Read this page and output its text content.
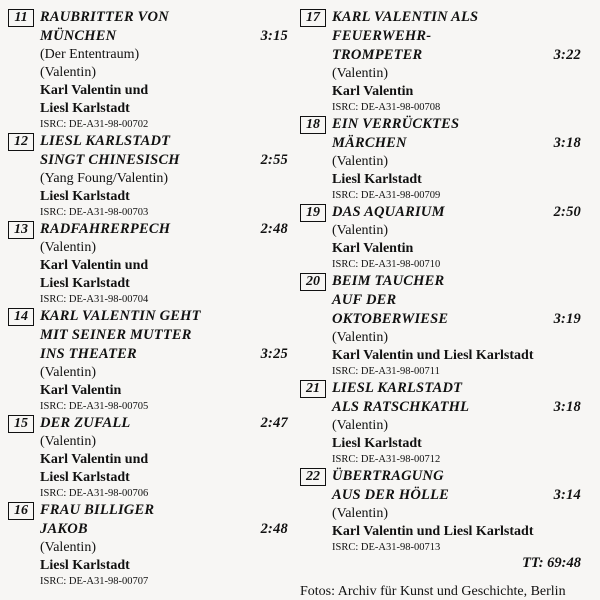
11 RAUBRITTER VON
MÜNCHEN	3:15
(Der Ententraum)
(Valentin)
Karl Valentin und
Liesl Karlstadt
ISRC: DE-A31-98-00702
12 LIESL KARLSTADT
SINGT CHINESISCH	2:55
(Yang Foung/Valentin)
Liesl Karlstadt
ISRC: DE-A31-98-00703
13 RADFAHRERPECH	2:48
(Valentin)
Karl Valentin und
Liesl Karlstadt
ISRC: DE-A31-98-00704
14 KARL VALENTIN GEHT
MIT SEINER MUTTER
INS THEATER	3:25
(Valentin)
Karl Valentin
ISRC: DE-A31-98-00705
15 DER ZUFALL	2:47
(Valentin)
Karl Valentin und
Liesl Karlstadt
ISRC: DE-A31-98-00706
16 FRAU BILLIGER
JAKOB	2:48
(Valentin)
Liesl Karlstadt
ISRC: DE-A31-98-00707
17 KARL VALENTIN ALS
FEUERWEHR-
TROMPETER	3:22
(Valentin)
Karl Valentin
ISRC: DE-A31-98-00708
18 EIN VERRÜCKTES
MÄRCHEN	3:18
(Valentin)
Liesl Karlstadt
ISRC: DE-A31-98-00709
19 DAS AQUARIUM	2:50
(Valentin)
Karl Valentin
ISRC: DE-A31-98-00710
20 BEIM TAUCHER
AUF DER
OKTOBERWIESE	3:19
(Valentin)
Karl Valentin und Liesl Karlstadt
ISRC: DE-A31-98-00711
21 LIESL KARLSTADT
ALS RATSCHKATHL	3:18
(Valentin)
Liesl Karlstadt
ISRC: DE-A31-98-00712
22 ÜBERTRAGUNG
AUS DER HÖLLE	3:14
(Valentin)
Karl Valentin und Liesl Karlstadt
ISRC: DE-A31-98-00713
TT: 69:48
Fotos: Archiv für Kunst und Geschichte, Berlin
